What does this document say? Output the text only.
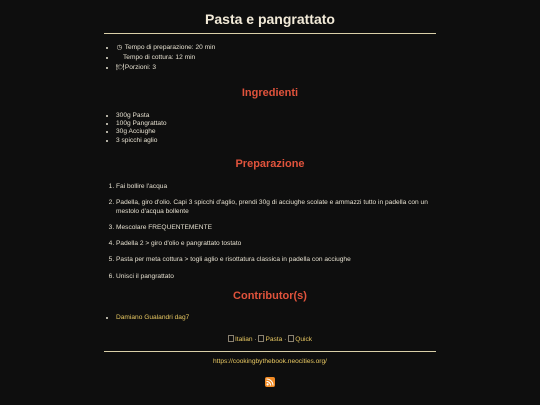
Pasta e pangrattato
• ◷ Tempo di preparazione: 20 min
• Tempo di cottura: 12 min
• 🍽 Porzioni: 3
Ingredienti
• 300g Pasta
• 100g Pangrattato
• 30g Acciughe
• 3 spicchi aglio
Preparazione
1. Fai bollire l'acqua
2. Padella, giro d'olio. Capi 3 spicchi d'aglio, prendi 30g di acciughe scolate e ammazzi tutto in padella con un mestolo d'acqua bollente
3. Mescolare FREQUENTEMENTE
4. Padella 2 > giro d'olio e pangrattato tostato
5. Pasta per meta cottura > togli aglio e risottatura classica in padella con acciughe
6. Unisci il pangrattato
Contributor(s)
• Damiano Gualandri dag7
Italian · Pasta · Quick
https://cookingbythebook.neocities.org/
